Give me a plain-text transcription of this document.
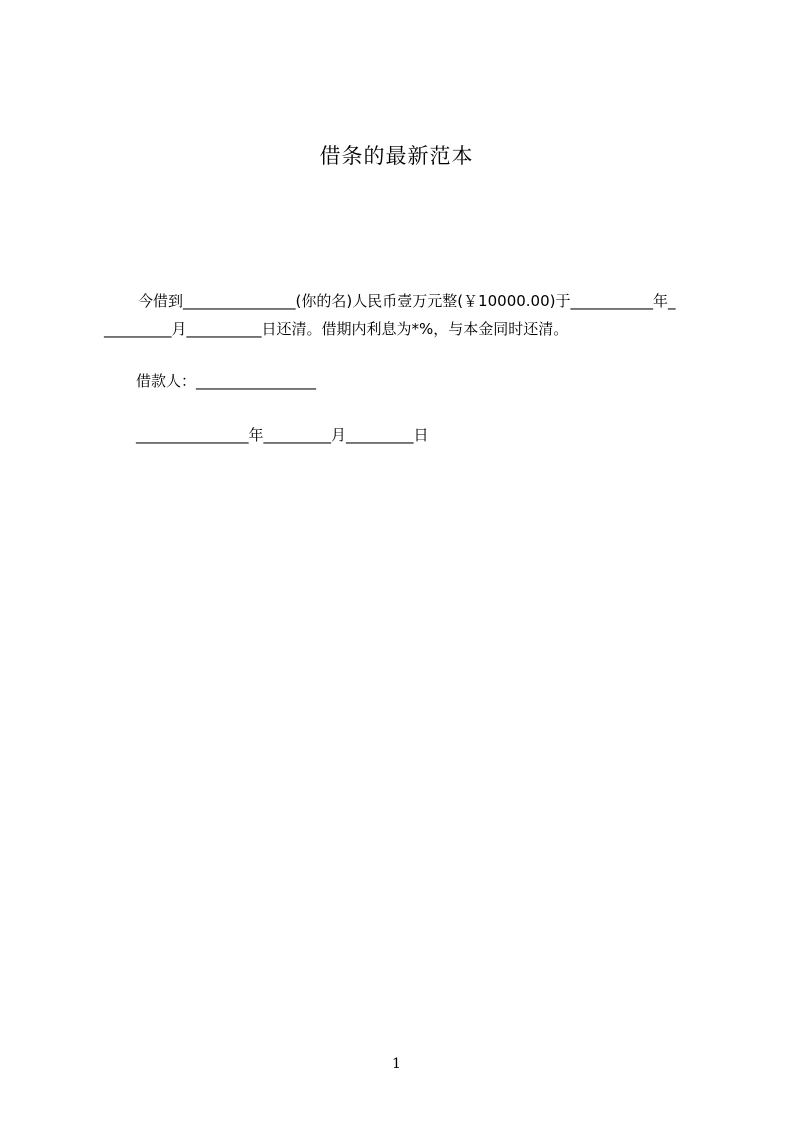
借条的最新范本
今借到_______________(你的名)人民币壹万元整(￥10000.00)于___________年_
_________月__________日还清。借期内利息为*%，与本金同时还清。
借款人：________________
_______________年_________月_________日
1
